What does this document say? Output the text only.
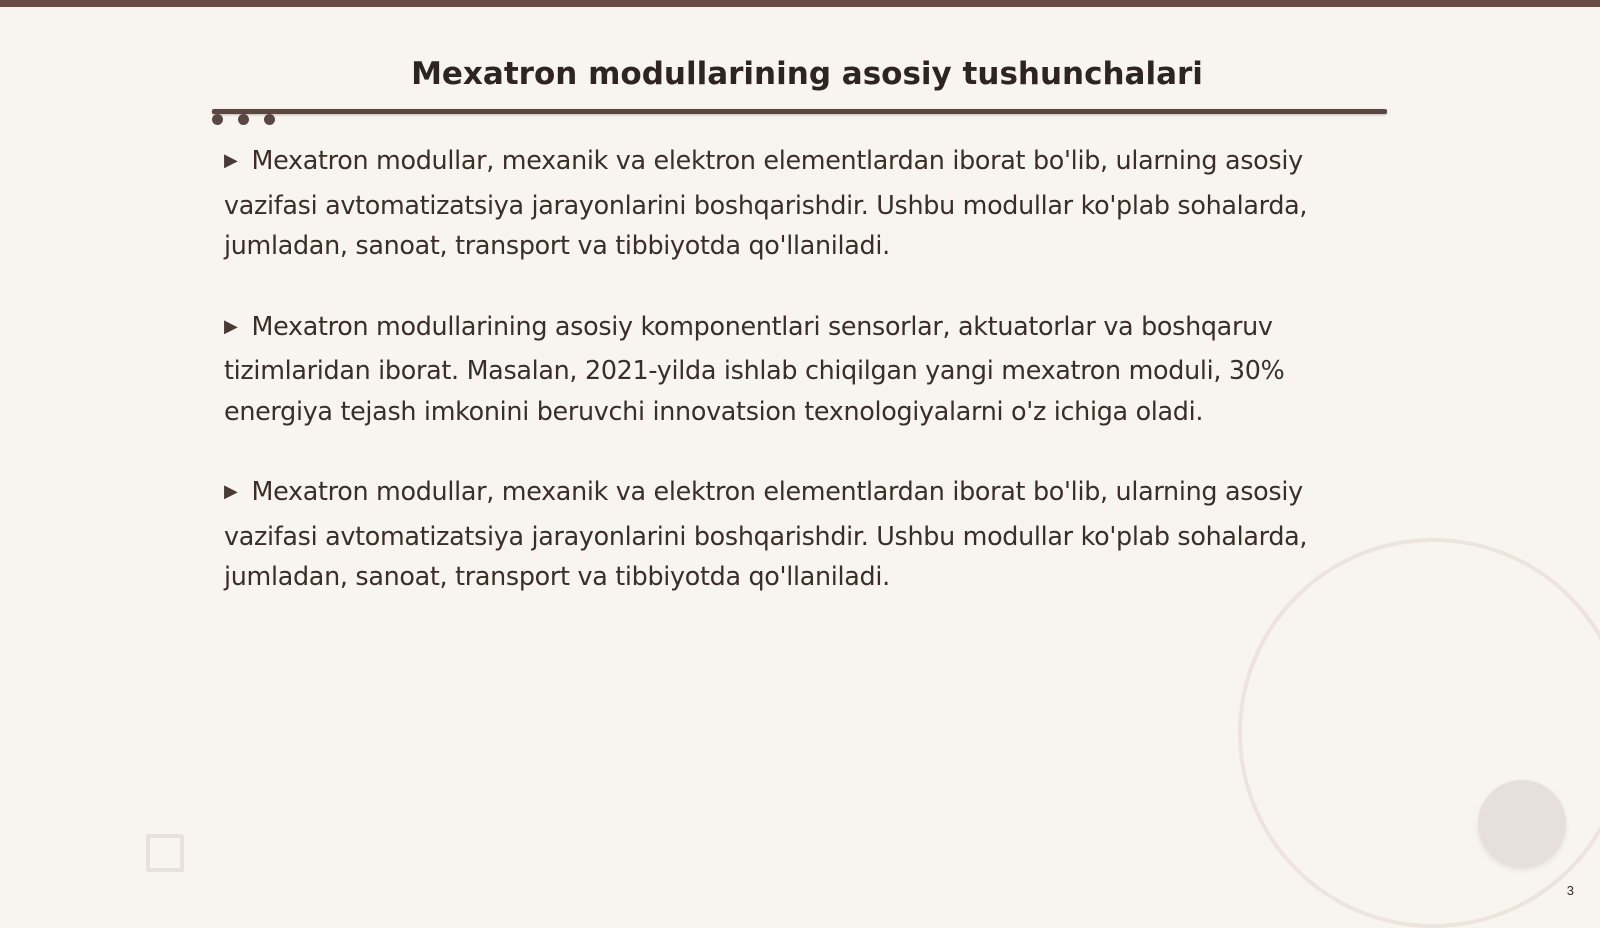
Mexatron modullarining asosiy tushunchalari

▶ Mexatron modullar, mexanik va elektron elementlardan iborat bo'lib, ularning asosiy vazifasi avtomatizatsiya jarayonlarini boshqarishdir. Ushbu modullar ko'plab sohalarda, jumladan, sanoat, transport va tibbiyotda qo'llaniladi.

▶ Mexatron modullarining asosiy komponentlari sensorlar, aktuatorlar va boshqaruv tizimlaridan iborat. Masalan, 2021-yilda ishlab chiqilgan yangi mexatron moduli, 30% energiya tejash imkonini beruvchi innovatsion texnologiyalarni o'z ichiga oladi.

▶ Mexatron modullar, mexanik va elektron elementlardan iborat bo'lib, ularning asosiy vazifasi avtomatizatsiya jarayonlarini boshqarishdir. Ushbu modullar ko'plab sohalarda, jumladan, sanoat, transport va tibbiyotda qo'llaniladi.

3
